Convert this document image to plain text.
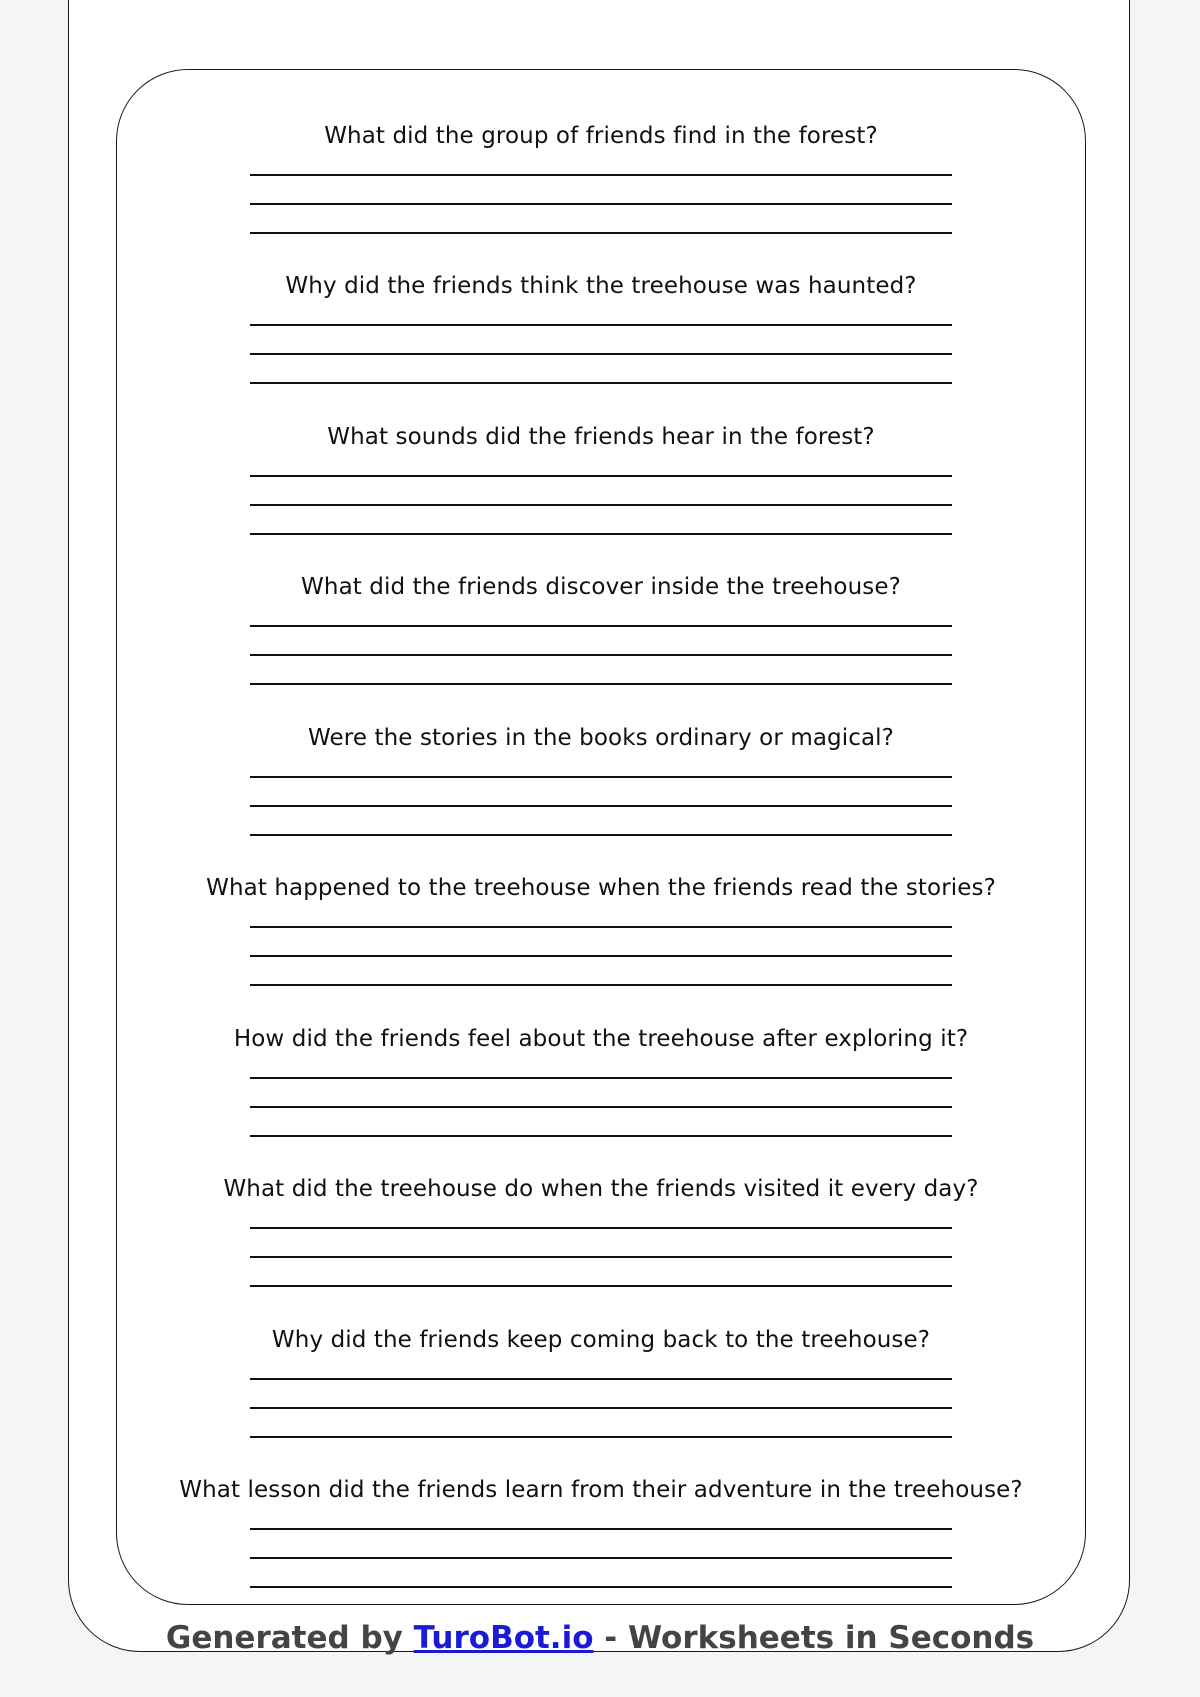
What did the group of friends find in the forest?
Why did the friends think the treehouse was haunted?
What sounds did the friends hear in the forest?
What did the friends discover inside the treehouse?
Were the stories in the books ordinary or magical?
What happened to the treehouse when the friends read the stories?
How did the friends feel about the treehouse after exploring it?
What did the treehouse do when the friends visited it every day?
Why did the friends keep coming back to the treehouse?
What lesson did the friends learn from their adventure in the treehouse?
Generated by TuroBot.io - Worksheets in Seconds
